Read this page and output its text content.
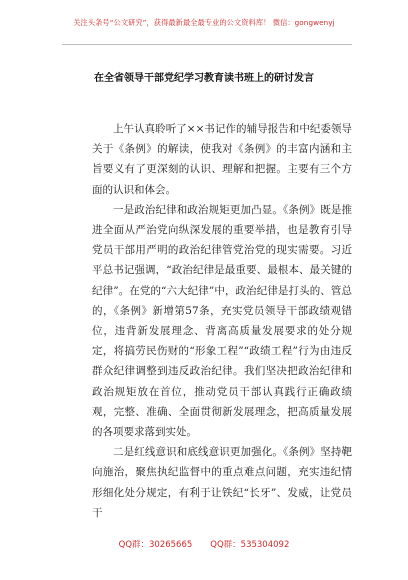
关注头条号“公文研究”，获得最新最全最专业的公文资料库！ 微信：gongwenyj
在全省领导干部党纪学习教育读书班上的研讨发言

上午认真聆听了××书记作的辅导报告和中纪委领导关于《条例》的解读，使我对《条例》的丰富内涵和主旨要义有了更深刻的认识、理解和把握。主要有三个方面的认识和体会。

一是政治纪律和政治规矩更加凸显。《条例》既是推进全面从严治党向纵深发展的重要举措，也是教育引导党员干部用严明的政治纪律管党治党的现实需要。习近平总书记强调，“政治纪律是最重要、最根本、最关键的纪律”。在党的“六大纪律”中，政治纪律是打头的、管总的，《条例》新增第57条，充实党员领导干部政绩观错位，违背新发展理念、背离高质量发展要求的处分规定，将搞劳民伤财的“形象工程”“政绩工程”行为由违反群众纪律调整到违反政治纪律。我们坚决把政治纪律和政治规矩放在首位，推动党员干部认真践行正确政绩观，完整、准确、全面贯彻新发展理念，把高质量发展的各项要求落到实处。

二是红线意识和底线意识更加强化。《条例》坚持靶向施治，聚焦执纪监督中的重点难点问题，充实违纪情形细化处分规定，有利于让铁纪“长牙”、发威，让党员干

QQ群：30265665 QQ群：535304092
